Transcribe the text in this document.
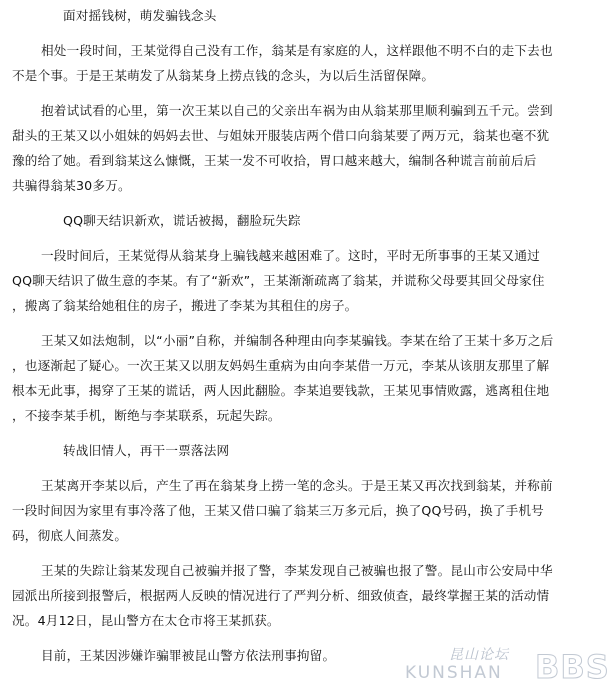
面对摇钱树，萌发骗钱念头
相处一段时间，王某觉得自己没有工作，翁某是有家庭的人，这样跟他不明不白的走下去也
不是个事。于是王某萌发了从翁某身上捞点钱的念头，为以后生活留保障。
抱着试试看的心里，第一次王某以自己的父亲出车祸为由从翁某那里顺利骗到五千元。尝到
甜头的王某又以小姐妹的妈妈去世、与姐妹开服装店两个借口向翁某要了两万元，翁某也毫不犹
豫的给了她。看到翁某这么慷慨，王某一发不可收拾，胃口越来越大，编制各种谎言前前后后
共骗得翁某30多万。
QQ聊天结识新欢，谎话被揭，翻脸玩失踪
一段时间后，王某觉得从翁某身上骗钱越来越困难了。这时，平时无所事事的王某又通过
QQ聊天结识了做生意的李某。有了“新欢”，王某渐渐疏离了翁某，并谎称父母要其回父母家住
，搬离了翁某给她租住的房子，搬进了李某为其租住的房子。
王某又如法炮制，以“小丽”自称，并编制各种理由向李某骗钱。李某在给了王某十多万之后
，也逐渐起了疑心。一次王某又以朋友妈妈生重病为由向李某借一万元，李某从该朋友那里了解
根本无此事，揭穿了王某的谎话，两人因此翻脸。李某追要钱款，王某见事情败露，逃离租住地
，不接李某手机，断绝与李某联系，玩起失踪。
转战旧情人，再干一票落法网
王某离开李某以后，产生了再在翁某身上捞一笔的念头。于是王某又再次找到翁某，并称前
一段时间因为家里有事冷落了他，王某又借口骗了翁某三万多元后，换了QQ号码，换了手机号
码，彻底人间蒸发。
王某的失踪让翁某发现自己被骗并报了警，李某发现自己被骗也报了警。昆山市公安局中华
园派出所接到报警后，根据两人反映的情况进行了严判分析、细致侦查，最终掌握王某的活动情
况。4月12日，昆山警方在太仓市将王某抓获。
目前，王某因涉嫌诈骗罪被昆山警方依法刑事拘留。	昆山论坛
KUNSHAN BBS
